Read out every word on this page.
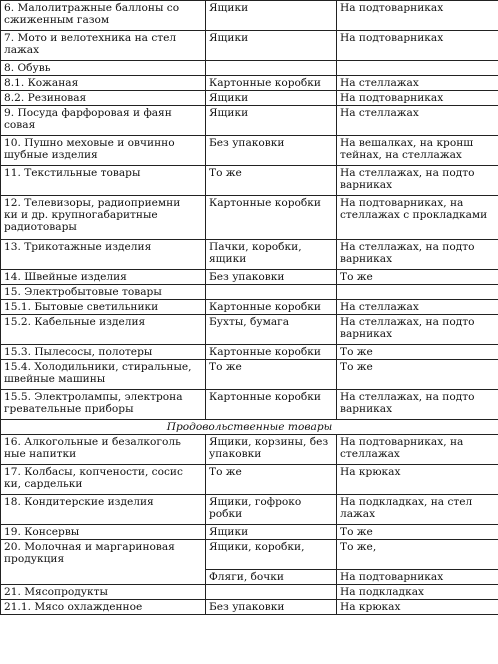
6. Малолитражные баллоны со
сжиженным газом	Ящики	На подтоварниках
7. Мото и велотехника на стел
лажах	Ящики	На подтоварниках
8. Обувь		
8.1. Кожаная	Картонные коробки	На стеллажах
8.2. Резиновая	Ящики	На подтоварниках
9. Посуда фарфоровая и фаян
совая	Ящики	На стеллажах
10. Пушно меховые и овчинно
шубные изделия	Без упаковки	На вешалках, на кронш
тейнах, на стеллажах
11. Текстильные товары	То же	На стеллажах, на подто
варниках
12. Телевизоры, радиоприемни
ки и др. крупногабаритные
радиотовары	Картонные коробки	На подтоварниках, на
стеллажах с прокладками
13. Трикотажные изделия	Пачки, коробки,
ящики	На стеллажах, на подто
варниках
14. Швейные изделия	Без упаковки	То же
15. Электробытовые товары		
15.1. Бытовые светильники	Картонные коробки	На стеллажах
15.2. Кабельные изделия	Бухты, бумага	На стеллажах, на подто
варниках
15.3. Пылесосы, полотеры	Картонные коробки	То же
15.4. Холодильники, стиральные,
швейные машины	То же	То же
15.5. Электролампы, электрона
гревательные приборы	Картонные коробки	На стеллажах, на подто
варниках
Продовольственные товары		
16. Алкогольные и безалкоголь
ные напитки	Ящики, корзины, без
упаковки	На подтоварниках, на
стеллажах
17. Колбасы, копчености, сосис
ки, сардельки	То же	На крюках
18. Кондитерские изделия	Ящики, гофроко
робки	На подкладках, на стел
лажах
19. Консервы	Ящики	То же
20. Молочная и маргариновая
продукция	Ящики, коробки,	То же,
	Фляги, бочки	На подтоварниках
21. Мясопродукты		На подкладках
21.1. Мясо охлажденное	Без упаковки	На крюках
